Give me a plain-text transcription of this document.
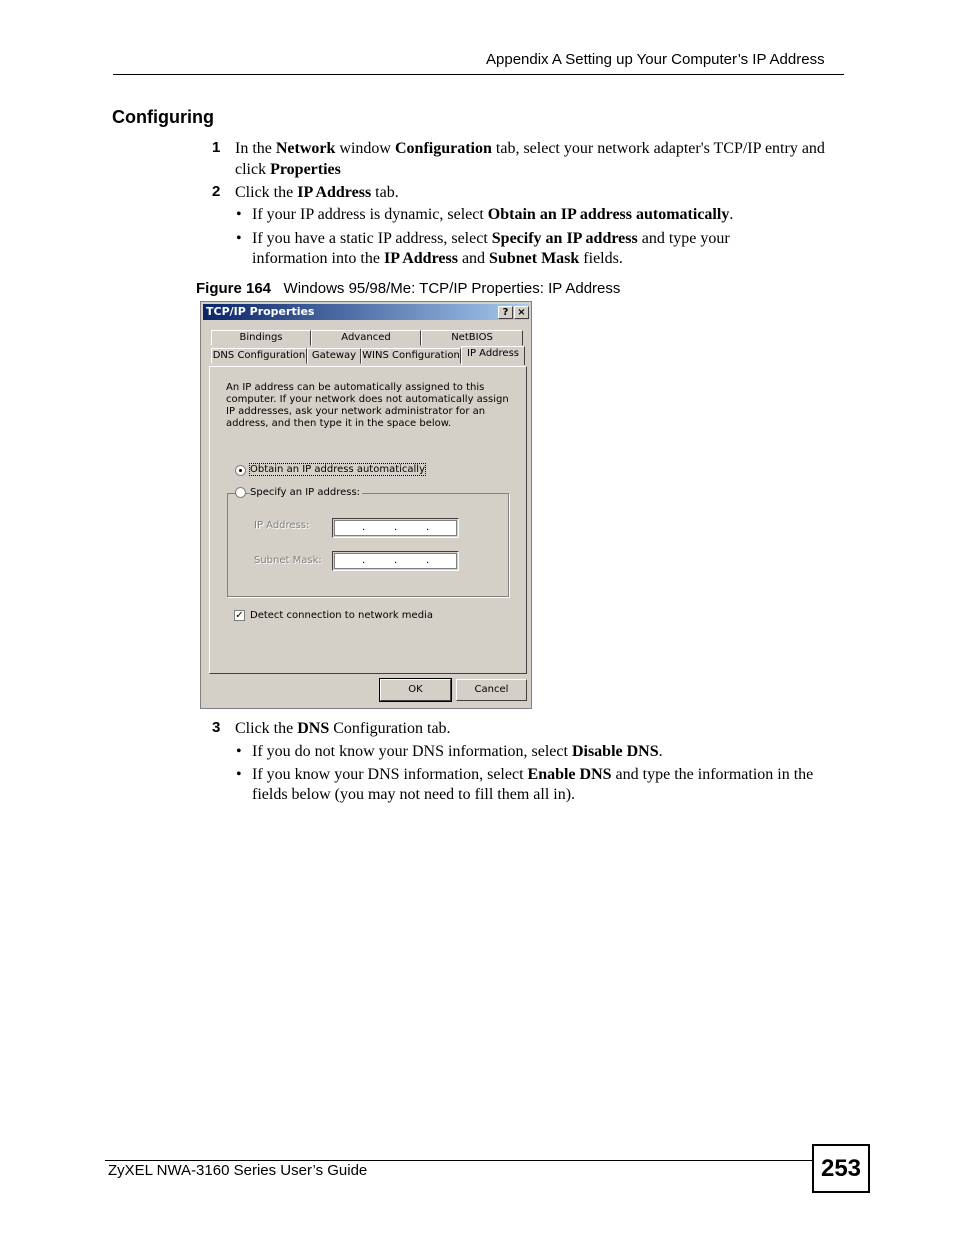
Appendix A Setting up Your Computer’s IP Address
Configuring
1 In the Network window Configuration tab, select your network adapter's TCP/IP entry and click Properties
2 Click the IP Address tab.
• If your IP address is dynamic, select Obtain an IP address automatically.
• If you have a static IP address, select Specify an IP address and type your information into the IP Address and Subnet Mask fields.
Figure 164 Windows 95/98/Me: TCP/IP Properties: IP Address
TCP/IP Properties	? ×
Bindings	Advanced	NetBIOS
DNS Configuration Gateway WINS Configuration IP Address
An IP address can be automatically assigned to this computer. If your network does not automatically assign IP addresses, ask your network administrator for an address, and then type it in the space below.
Obtain an IP address automatically
Specify an IP address:
IP Address:	.	.	.
Subnet Mask:	.	.	.
✓ Detect connection to network media
OK	Cancel
3 Click the DNS Configuration tab.
• If you do not know your DNS information, select Disable DNS.
• If you know your DNS information, select Enable DNS and type the information in the fields below (you may not need to fill them all in).
ZyXEL NWA-3160 Series User’s Guide	253
